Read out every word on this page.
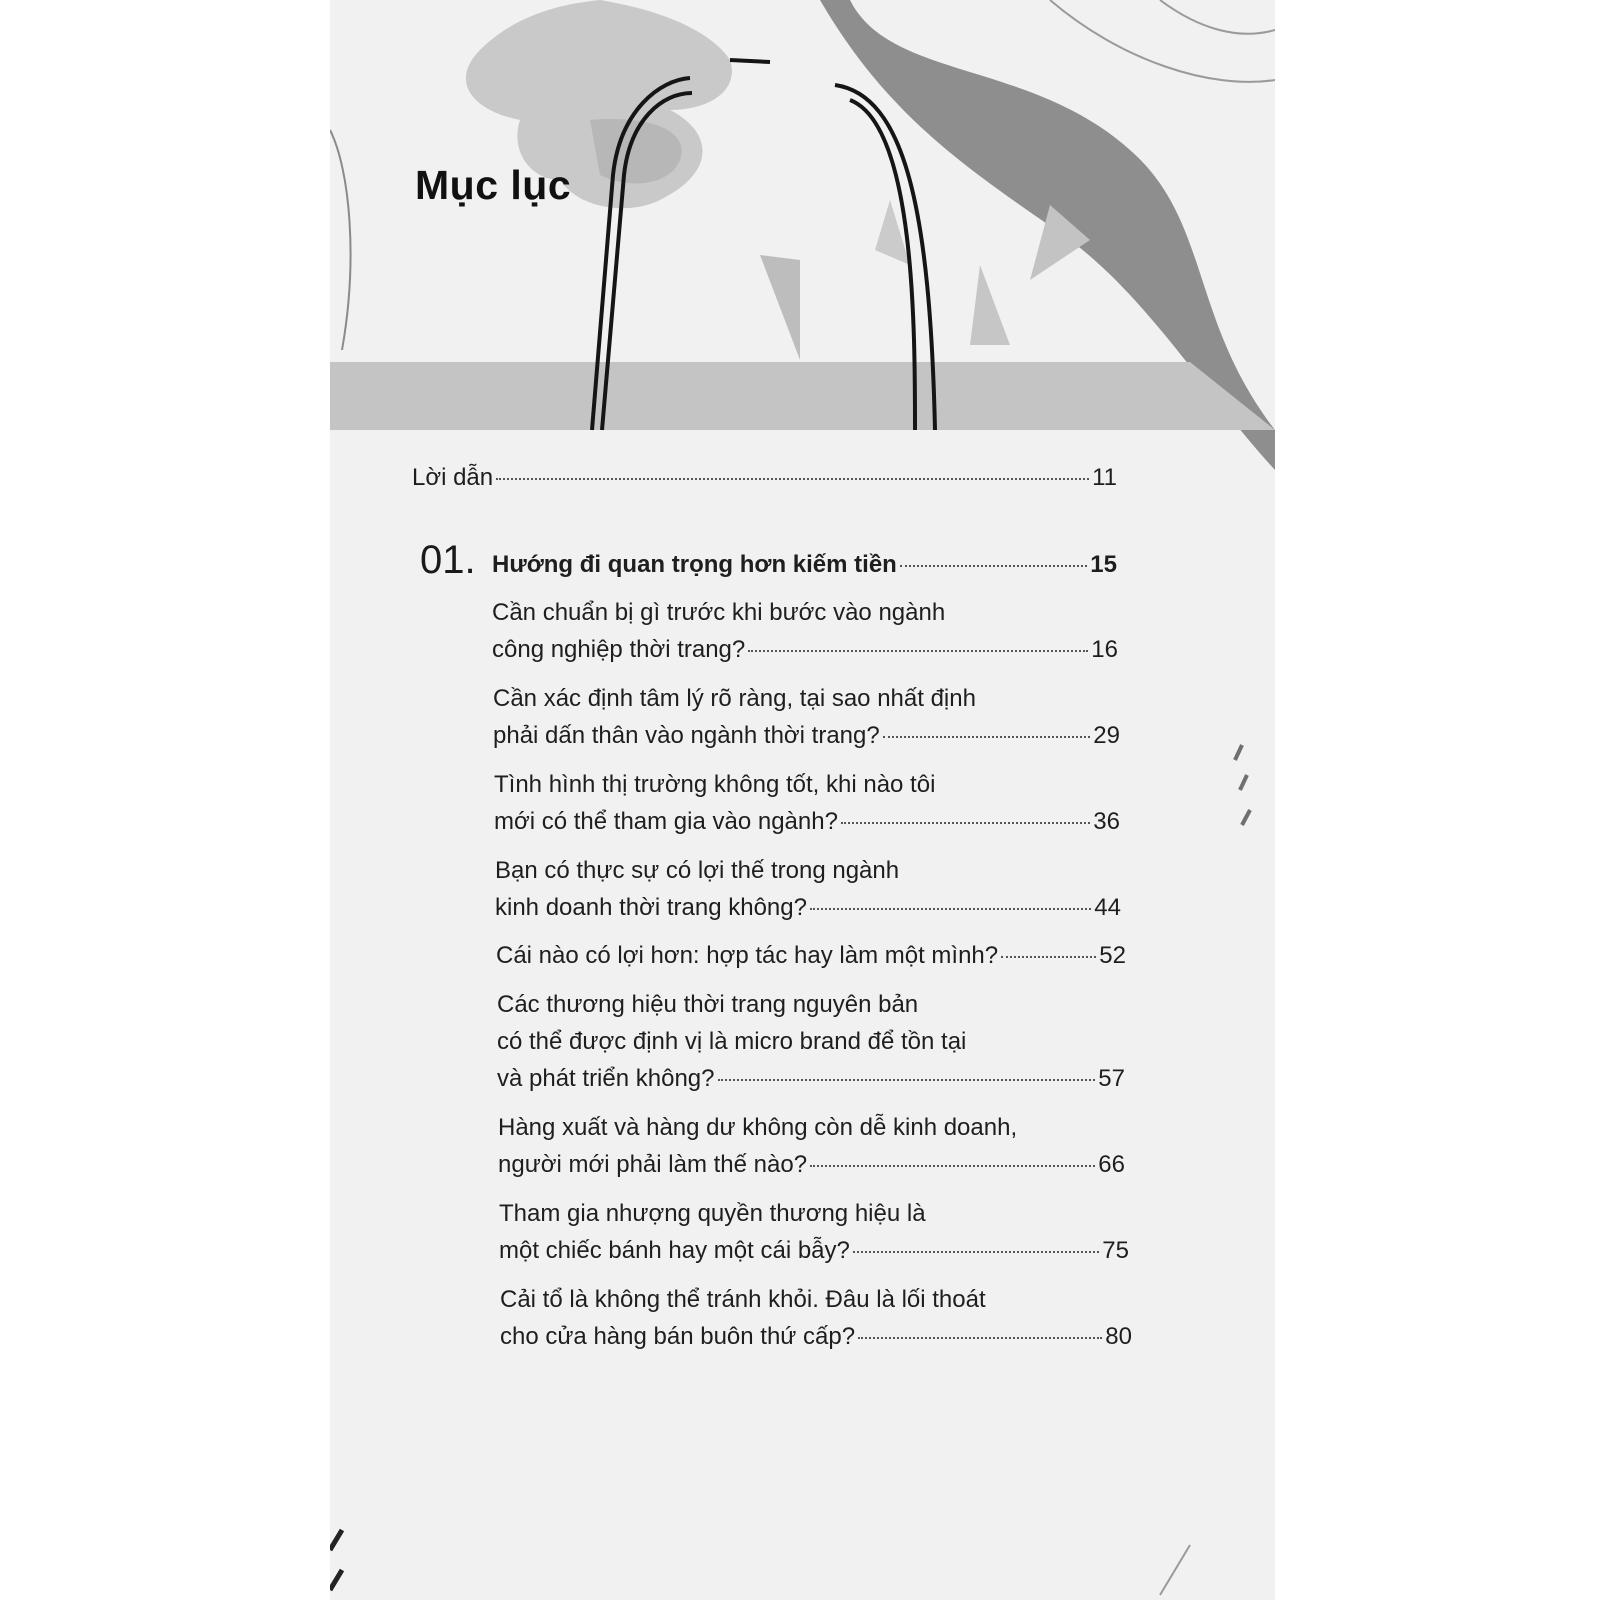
Mục lục
Lời dẫn	11
01. Hướng đi quan trọng hơn kiếm tiền	15
Cần chuẩn bị gì trước khi bước vào ngành
công nghiệp thời trang?	16
Cần xác định tâm lý rõ ràng, tại sao nhất định
phải dấn thân vào ngành thời trang?	29
Tình hình thị trường không tốt, khi nào tôi
mới có thể tham gia vào ngành?	36
Bạn có thực sự có lợi thế trong ngành
kinh doanh thời trang không?	44
Cái nào có lợi hơn: hợp tác hay làm một mình?	52
Các thương hiệu thời trang nguyên bản
có thể được định vị là micro brand để tồn tại
và phát triển không?	57
Hàng xuất và hàng dư không còn dễ kinh doanh,
người mới phải làm thế nào?	66
Tham gia nhượng quyền thương hiệu là
một chiếc bánh hay một cái bẫy?	75
Cải tổ là không thể tránh khỏi. Đâu là lối thoát
cho cửa hàng bán buôn thứ cấp?	80
